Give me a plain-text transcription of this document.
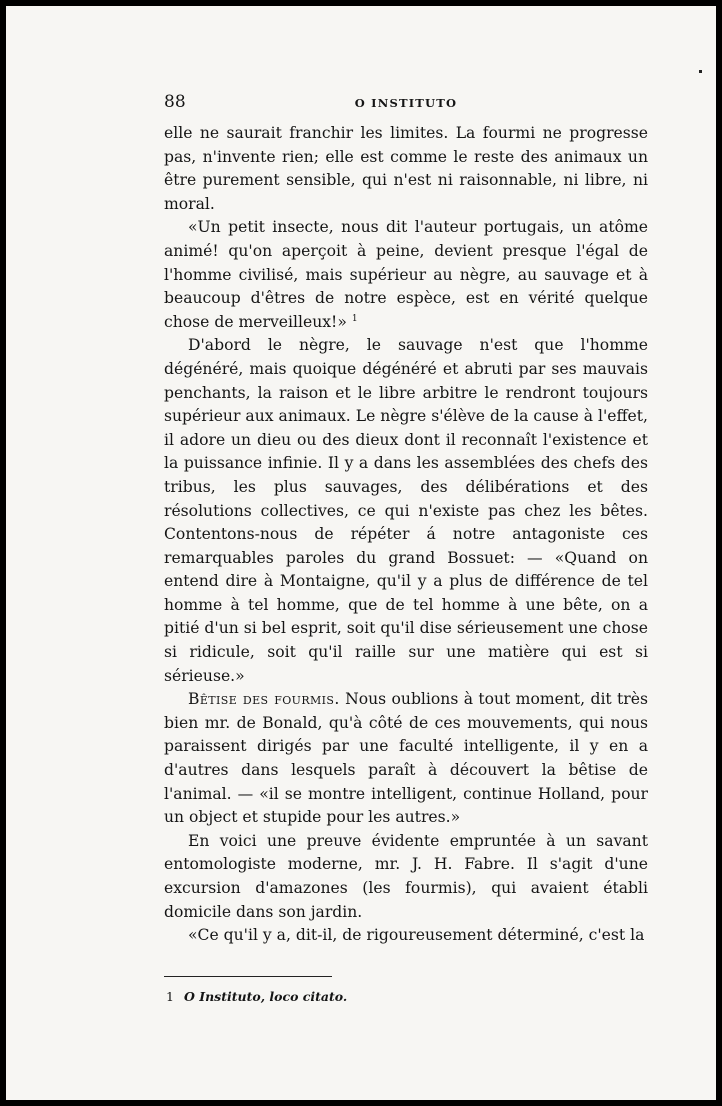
88	O INSTITUTO

elle ne saurait franchir les limites. La fourmi ne progresse pas, n'invente rien; elle est comme le reste des animaux un être purement sensible, qui n'est ni raisonnable, ni libre, ni moral.

«Un petit insecte, nous dit l'auteur portugais, un atôme animé! qu'on aperçoit à peine, devient presque l'égal de l'homme civilisé, mais supérieur au nègre, au sauvage et à beaucoup d'êtres de notre espèce, est en vérité quelque chose de merveilleux!» $^1$

D'abord le nègre, le sauvage n'est que l'homme dégénéré, mais quoique dégénéré et abruti par ses mauvais penchants, la raison et le libre arbitre le rendront toujours supérieur aux animaux. Le nègre s'élève de la cause à l'effet, il adore un dieu ou des dieux dont il reconnaît l'existence et la puissance infinie. Il y a dans les assemblées des chefs des tribus, les plus sauvages, des délibérations et des résolutions collectives, ce qui n'existe pas chez les bêtes. Contentons-nous de répéter á notre antagoniste ces remarquables paroles du grand Bossuet: — «Quand on entend dire à Montaigne, qu'il y a plus de différence de tel homme à tel homme, que de tel homme à une bête, on a pitié d'un si bel esprit, soit qu'il dise sérieusement une chose si ridicule, soit qu'il raille sur une matière qui est si sérieuse.»

Bêtise des fourmis. Nous oublions à tout moment, dit très bien mr. de Bonald, qu'à côté de ces mouvements, qui nous paraissent dirigés par une faculté intelligente, il y en a d'autres dans lesquels paraît à découvert la bêtise de l'animal. — «il se montre intelligent, continue Holland, pour un object et stupide pour les autres.»

En voici une preuve évidente empruntée à un savant entomologiste moderne, mr. J. H. Fabre. Il s'agit d'une excursion d'amazones (les fourmis), qui avaient établi domicile dans son jardin.

«Ce qu'il y a, dit-il, de rigoureusement déterminé, c'est la

1 O Instituto, loco citato.
